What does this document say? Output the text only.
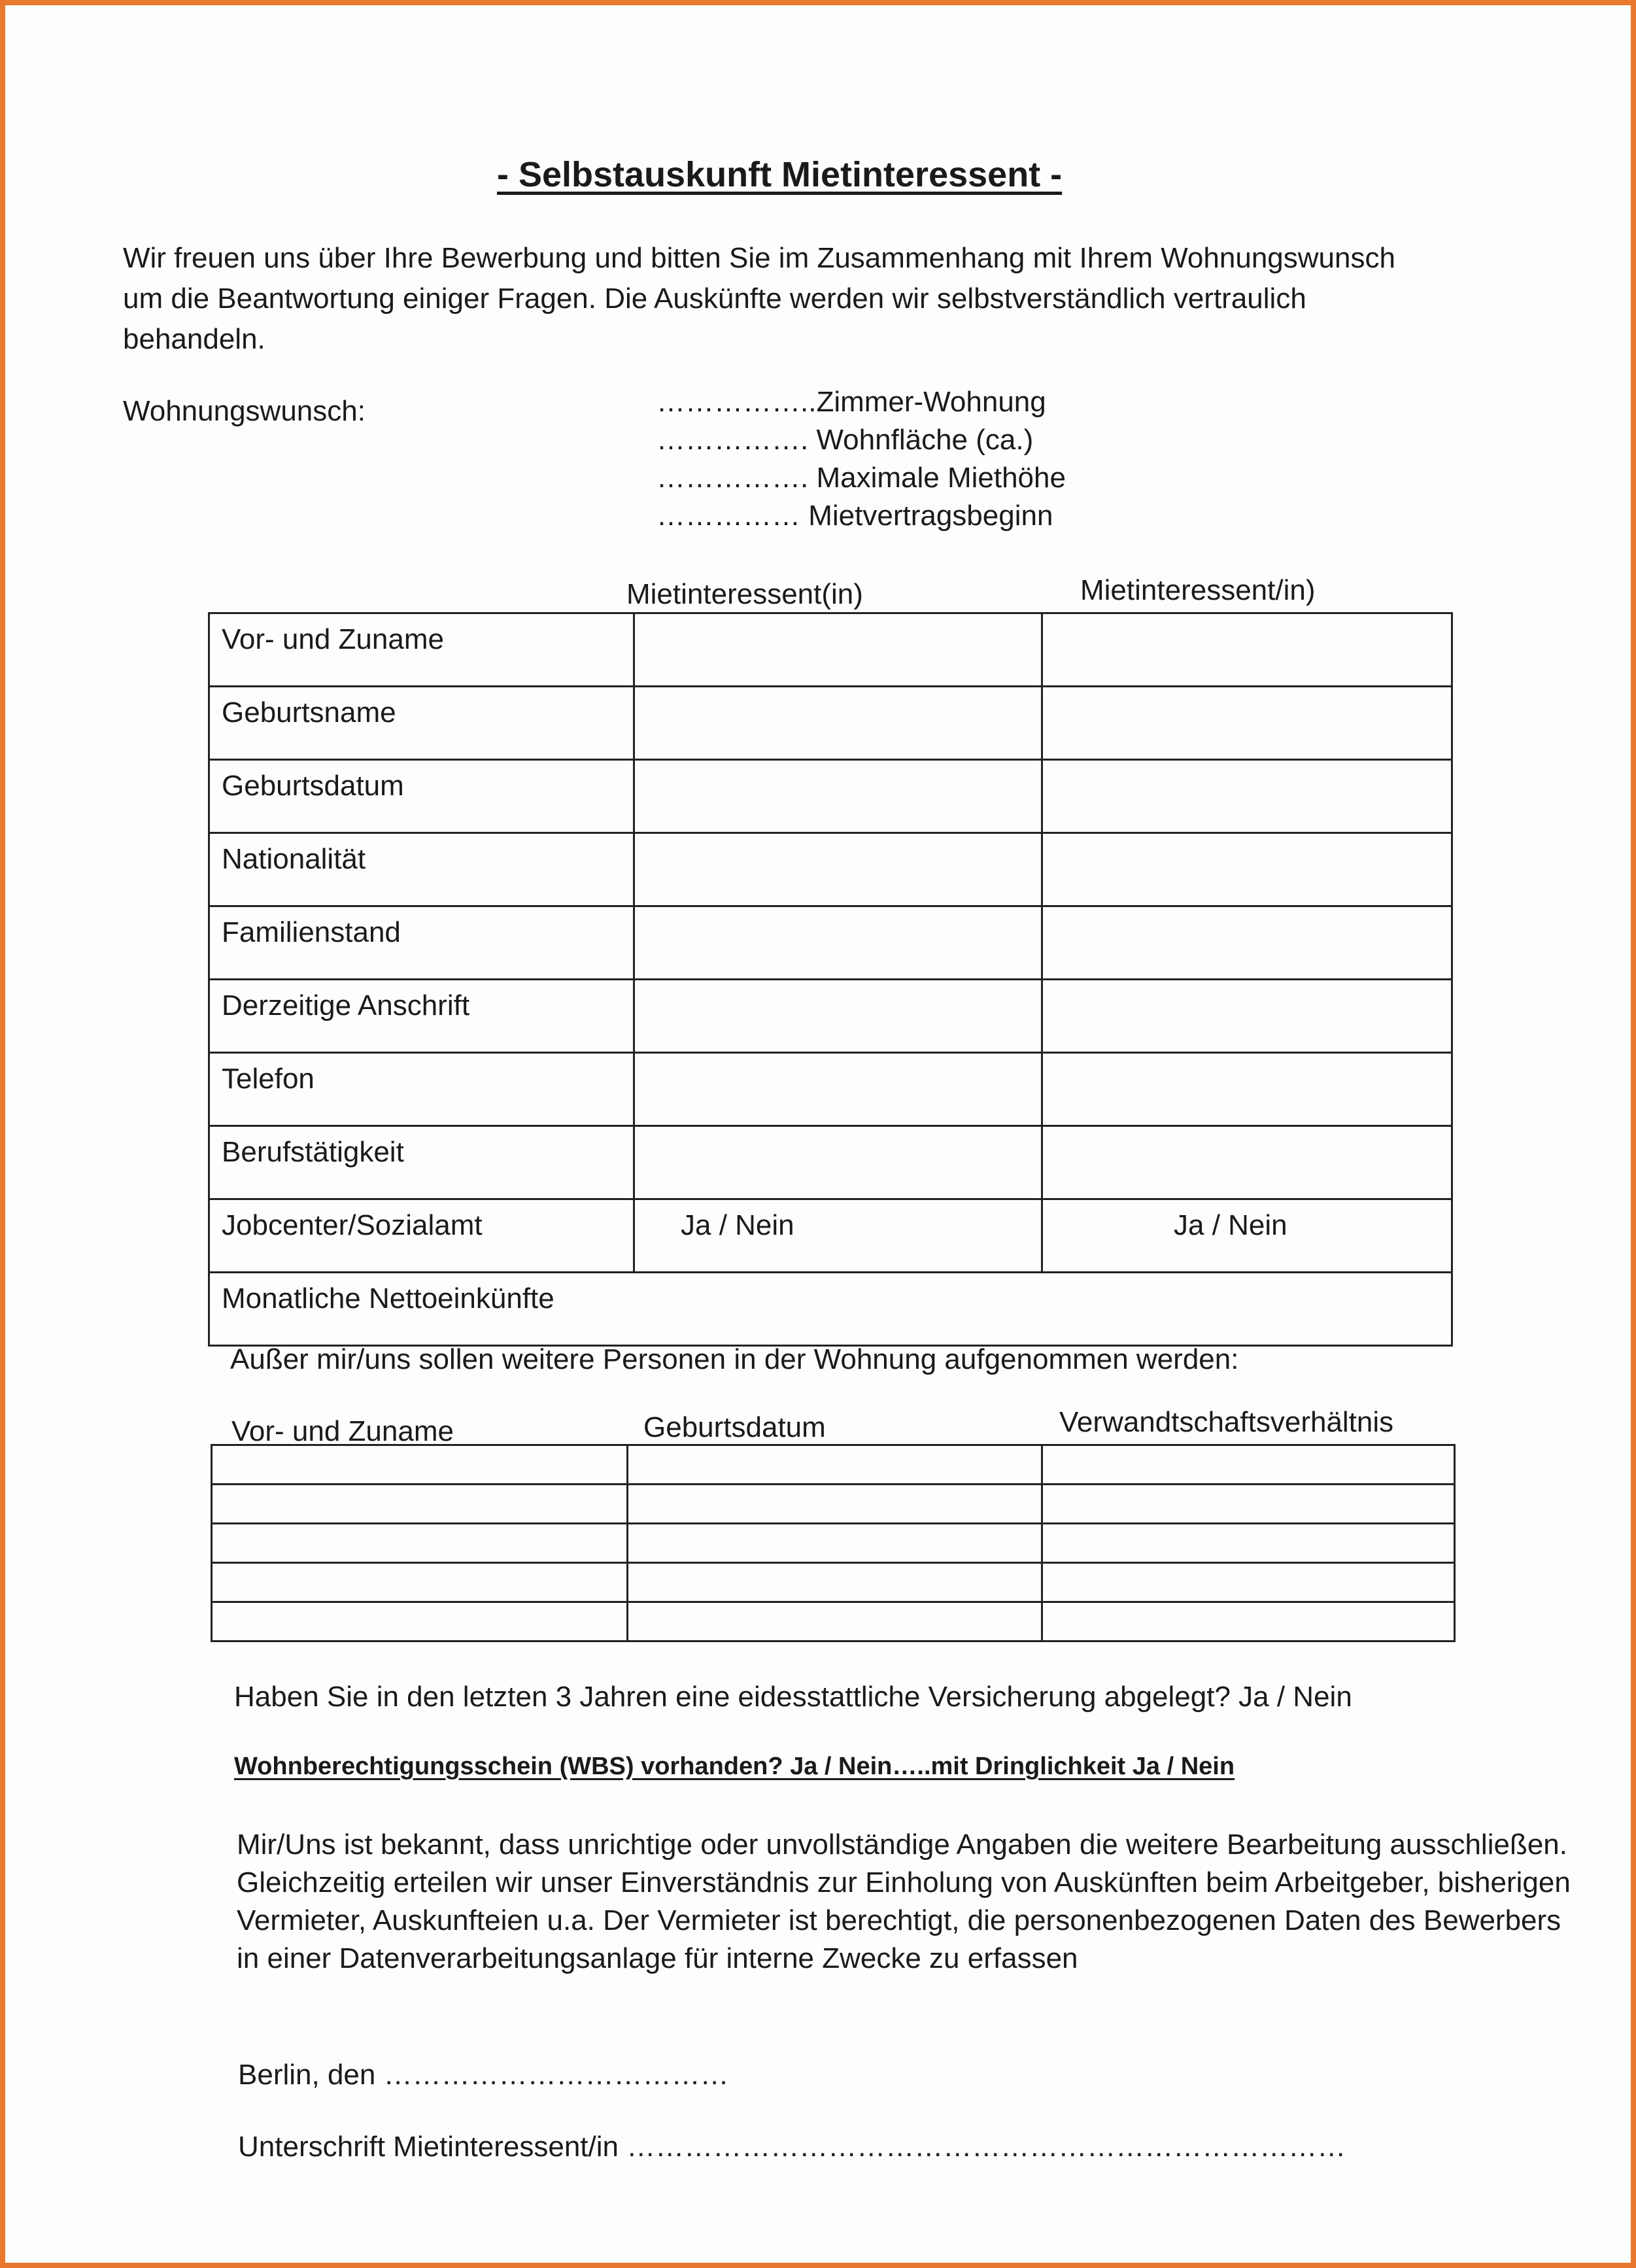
- Selbstauskunft Mietinteressent -
Wir freuen uns über Ihre Bewerbung und bitten Sie im Zusammenhang mit Ihrem Wohnungswunsch um die Beantwortung einiger Fragen. Die Auskünfte werden wir selbstverständlich vertraulich behandeln.
Wohnungswunsch:	……………..Zimmer-Wohnung
……………. Wohnfläche (ca.)
……………. Maximale Miethöhe
…………… Mietvertragsbeginn
Mietinteressent(in)	Mietinteressent/in)
Vor- und Zuname		
Geburtsname		
Geburtsdatum		
Nationalität		
Familienstand		
Derzeitige Anschrift		
Telefon		
Berufstätigkeit		
Jobcenter/Sozialamt	Ja / Nein	Ja / Nein
Monatliche Nettoeinkünfte		
Außer mir/uns sollen weitere Personen in der Wohnung aufgenommen werden:
Vor- und Zuname	Geburtsdatum	Verwandtschaftsverhältnis

Haben Sie in den letzten 3 Jahren eine eidesstattliche Versicherung abgelegt? Ja / Nein
Wohnberechtigungsschein (WBS) vorhanden? Ja / Nein…..mit Dringlichkeit Ja / Nein
Mir/Uns ist bekannt, dass unrichtige oder unvollständige Angaben die weitere Bearbeitung ausschließen. Gleichzeitig erteilen wir unser Einverständnis zur Einholung von Auskünften beim Arbeitgeber, bisherigen Vermieter, Auskunfteien u.a. Der Vermieter ist berechtigt, die personenbezogenen Daten des Bewerbers in einer Datenverarbeitungsanlage für interne Zwecke zu erfassen
Berlin, den ………………………………
Unterschrift Mietinteressent/in …………………………………………………………………
